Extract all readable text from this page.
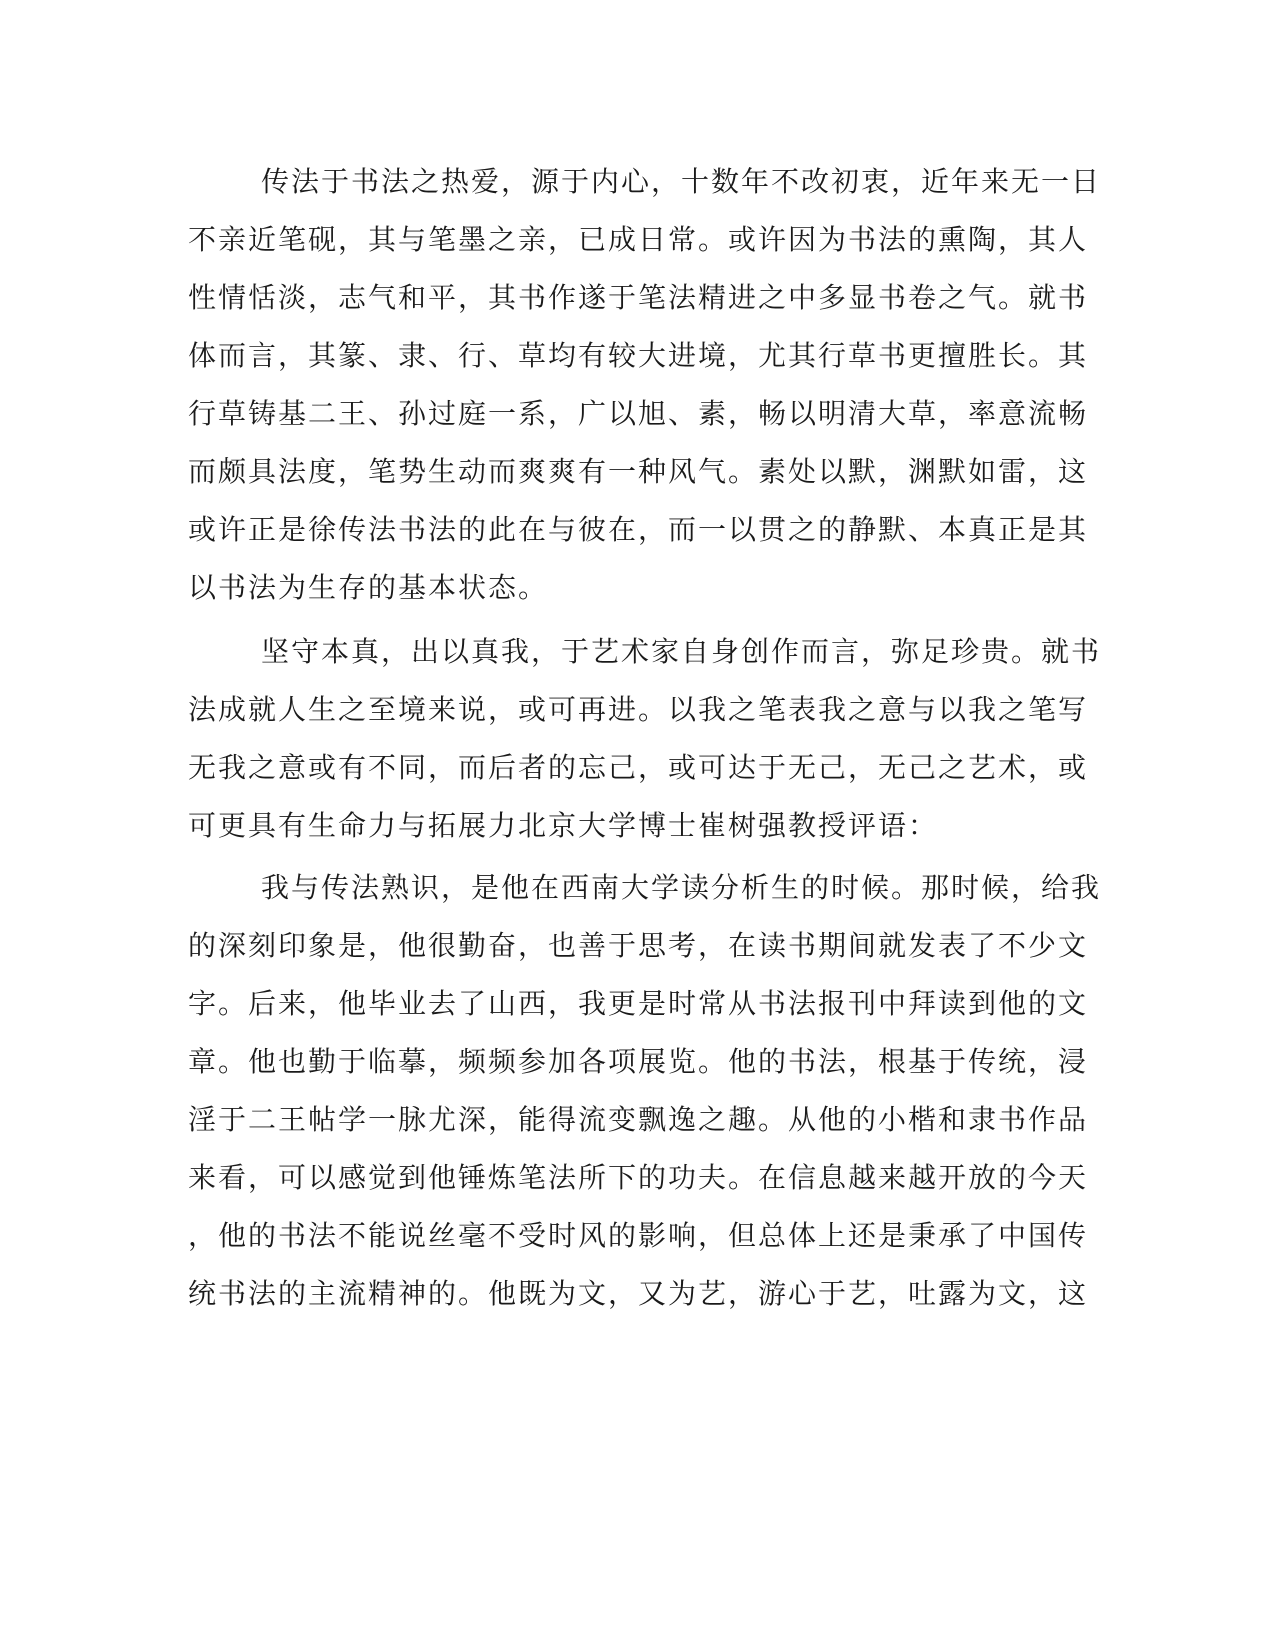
传法于书法之热爱，源于内心，十数年不改初衷，近年来无一日
不亲近笔砚，其与笔墨之亲，已成日常。或许因为书法的熏陶，其人
性情恬淡，志气和平，其书作遂于笔法精进之中多显书卷之气。就书
体而言，其篆、隶、行、草均有较大进境，尤其行草书更擅胜长。其
行草铸基二王、孙过庭一系，广以旭、素，畅以明清大草，率意流畅
而颇具法度，笔势生动而爽爽有一种风气。素处以默，渊默如雷，这
或许正是徐传法书法的此在与彼在，而一以贯之的静默、本真正是其
以书法为生存的基本状态。
坚守本真，出以真我，于艺术家自身创作而言，弥足珍贵。就书
法成就人生之至境来说，或可再进。以我之笔表我之意与以我之笔写
无我之意或有不同，而后者的忘己，或可达于无己，无己之艺术，或
可更具有生命力与拓展力北京大学博士崔树强教授评语：
我与传法熟识，是他在西南大学读分析生的时候。那时候，给我
的深刻印象是，他很勤奋，也善于思考，在读书期间就发表了不少文
字。后来，他毕业去了山西，我更是时常从书法报刊中拜读到他的文
章。他也勤于临摹，频频参加各项展览。他的书法，根基于传统，浸
淫于二王帖学一脉尤深，能得流变飘逸之趣。从他的小楷和隶书作品
来看，可以感觉到他锤炼笔法所下的功夫。在信息越来越开放的今天
，他的书法不能说丝毫不受时风的影响，但总体上还是秉承了中国传
统书法的主流精神的。他既为文，又为艺，游心于艺，吐露为文，这
